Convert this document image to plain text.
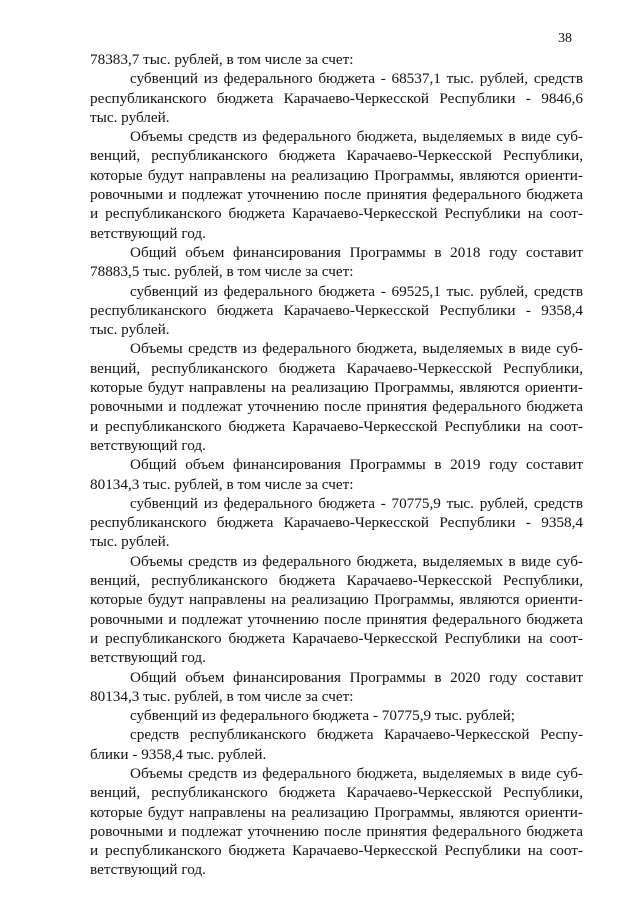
38
78383,7 тыс. рублей, в том числе за счет:
субвенций из федерального бюджета - 68537,1 тыс. рублей, средств
республиканского бюджета Карачаево-Черкесской Республики - 9846,6
тыс. рублей.
Объемы средств из федерального бюджета, выделяемых в виде суб-
венций, республиканского бюджета Карачаево-Черкесской Республики,
которые будут направлены на реализацию Программы, являются ориенти-
ровочными и подлежат уточнению после принятия федерального бюджета
и республиканского бюджета Карачаево-Черкесской Республики на соот-
ветствующий год.
Общий объем финансирования Программы в 2018 году составит
78883,5 тыс. рублей, в том числе за счет:
субвенций из федерального бюджета - 69525,1 тыс. рублей, средств
республиканского бюджета Карачаево-Черкесской Республики - 9358,4
тыс. рублей.
Объемы средств из федерального бюджета, выделяемых в виде суб-
венций, республиканского бюджета Карачаево-Черкесской Республики,
которые будут направлены на реализацию Программы, являются ориенти-
ровочными и подлежат уточнению после принятия федерального бюджета
и республиканского бюджета Карачаево-Черкесской Республики на соот-
ветствующий год.
Общий объем финансирования Программы в 2019 году составит
80134,3 тыс. рублей, в том числе за счет:
субвенций из федерального бюджета - 70775,9 тыс. рублей, средств
республиканского бюджета Карачаево-Черкесской Республики - 9358,4
тыс. рублей.
Объемы средств из федерального бюджета, выделяемых в виде суб-
венций, республиканского бюджета Карачаево-Черкесской Республики,
которые будут направлены на реализацию Программы, являются ориенти-
ровочными и подлежат уточнению после принятия федерального бюджета
и республиканского бюджета Карачаево-Черкесской Республики на соот-
ветствующий год.
Общий объем финансирования Программы в 2020 году составит
80134,3 тыс. рублей, в том числе за счет:
субвенций из федерального бюджета - 70775,9 тыс. рублей;
средств республиканского бюджета Карачаево-Черкесской Респу-
блики - 9358,4 тыс. рублей.
Объемы средств из федерального бюджета, выделяемых в виде суб-
венций, республиканского бюджета Карачаево-Черкесской Республики,
которые будут направлены на реализацию Программы, являются ориенти-
ровочными и подлежат уточнению после принятия федерального бюджета
и республиканского бюджета Карачаево-Черкесской Республики на соот-
ветствующий год.
